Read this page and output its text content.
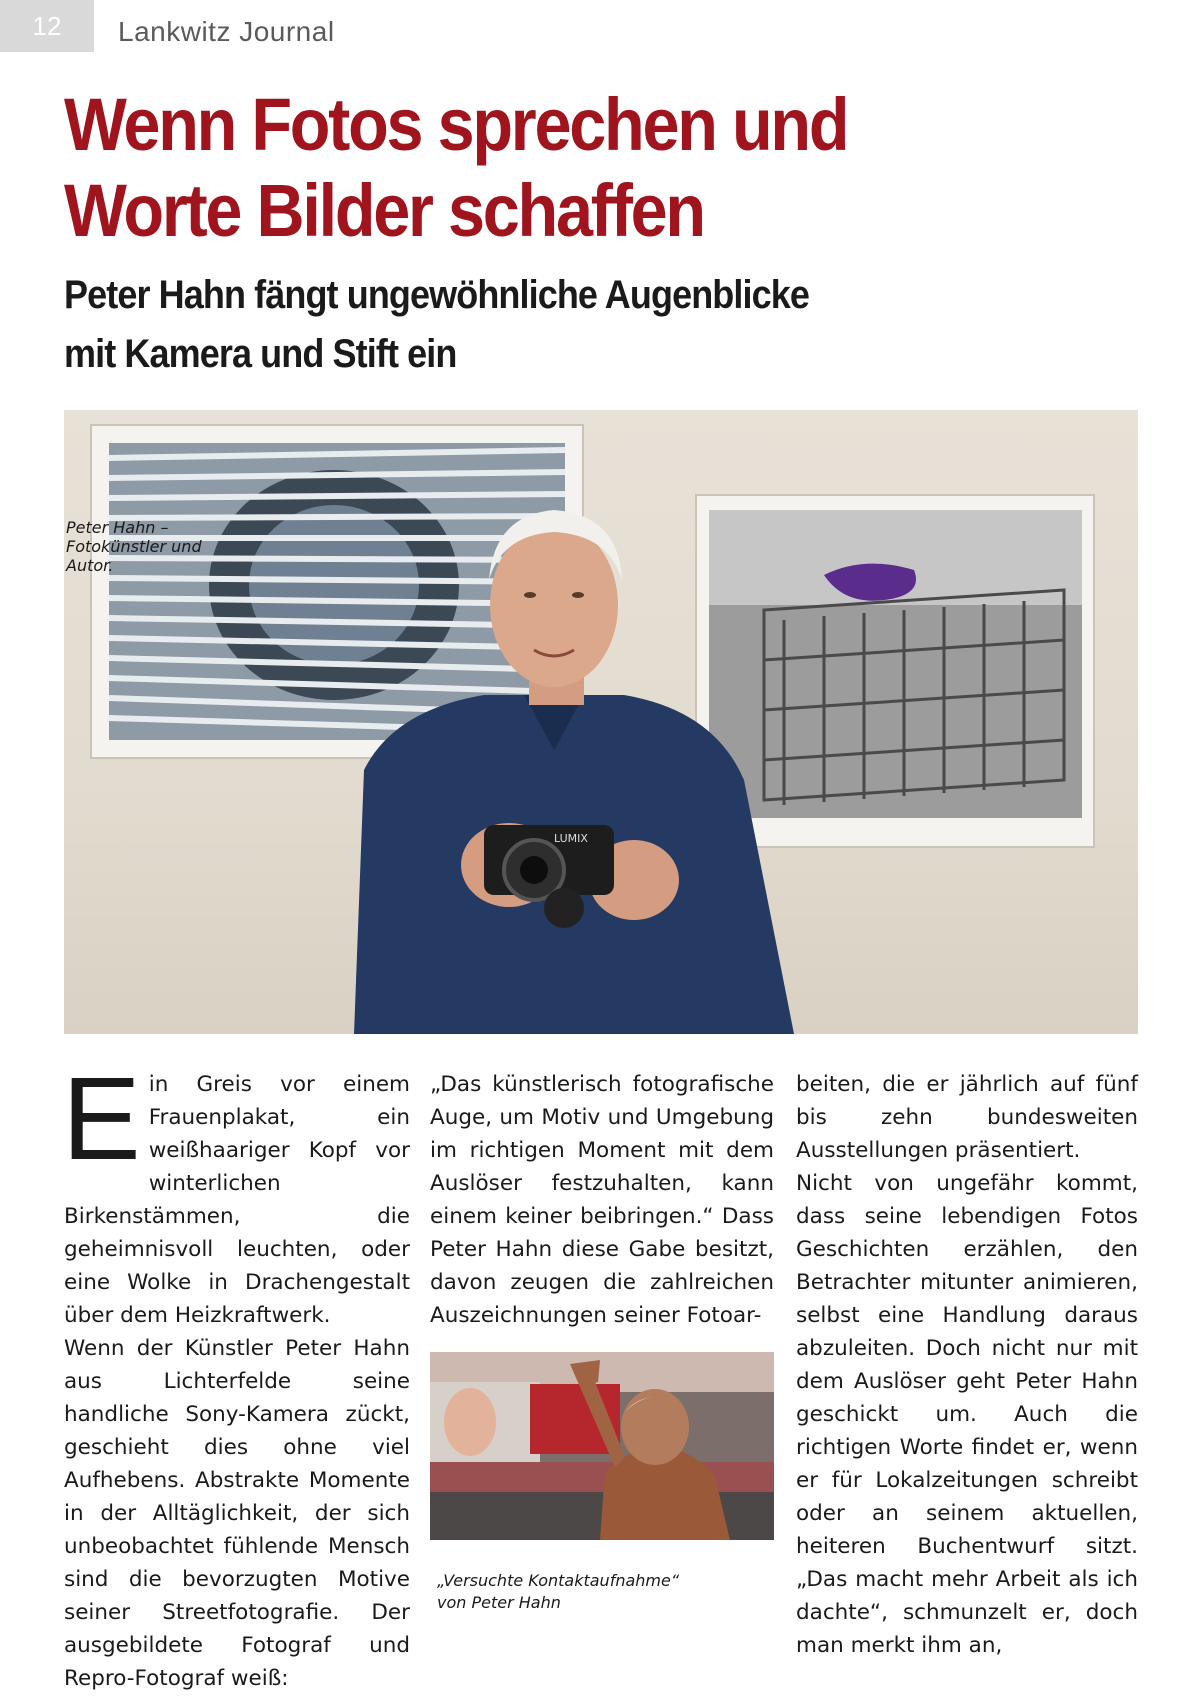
12 Lankwitz Journal
Wenn Fotos sprechen und
Worte Bilder schaffen
Peter Hahn fängt ungewöhnliche Augenblicke
mit Kamera und Stift ein
LUMIX
Peter Hahn –
Fotokünstler und
Autor.
E in Greis vor einem Frauenplakat, ein weißhaariger Kopf vor winterlichen Birkenstämmen, die geheimnisvoll leuchten, oder eine Wolke in Drachengestalt über dem Heizkraftwerk.
Wenn der Künstler Peter Hahn aus Lichterfelde seine handliche Sony-Kamera zückt, geschieht dies ohne viel Aufhebens. Abstrakte Momente in der Alltäglichkeit, der sich unbeobachtet fühlende Mensch sind die bevorzugten Motive seiner Streetfotografie. Der ausgebildete Fotograf und Repro-Fotograf weiß:
„Das künstlerisch fotografische Auge, um Motiv und Umgebung im richtigen Moment mit dem Auslöser festzuhalten, kann einem keiner beibringen.“ Dass Peter Hahn diese Gabe besitzt, davon zeugen die zahlreichen Auszeichnungen seiner Fotoar-
„Versuchte Kontaktaufnahme“
von Peter Hahn
beiten, die er jährlich auf fünf bis zehn bundesweiten Ausstellungen präsentiert.
Nicht von ungefähr kommt, dass seine lebendigen Fotos Geschichten erzählen, den Betrachter mitunter animieren, selbst eine Handlung daraus abzuleiten. Doch nicht nur mit dem Auslöser geht Peter Hahn geschickt um. Auch die richtigen Worte findet er, wenn er für Lokalzeitungen schreibt oder an seinem aktuellen, heiteren Buchentwurf sitzt. „Das macht mehr Arbeit als ich dachte“, schmunzelt er, doch man merkt ihm an,
